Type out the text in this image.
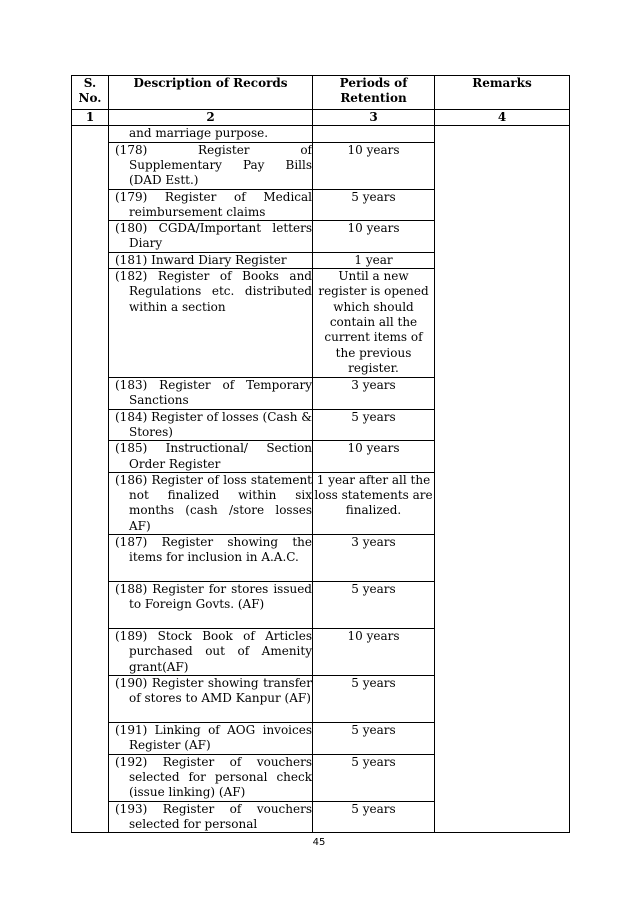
S. No.	Description of Records	Periods of Retention	Remarks
1	2	3	4
	and marriage purpose.		
	(178) Register of Supplementary Pay Bills (DAD Estt.)	10 years	
	(179) Register of Medical reimbursement claims	5 years	
	(180) CGDA/Important letters Diary	10 years	
	(181) Inward Diary Register	1 year	
	(182) Register of Books and Regulations etc. distributed within a section	Until a new register is opened which should contain all the current items of the previous register.	
	(183) Register of Temporary Sanctions	3 years	
	(184) Register of losses (Cash & Stores)	5 years	
	(185) Instructional/ Section Order Register	10 years	
	(186) Register of loss statement not finalized within six months (cash /store losses AF)	1 year after all the loss statements are finalized.	
	(187) Register showing the items for inclusion in A.A.C.	3 years	
	(188) Register for stores issued to Foreign Govts. (AF)	5 years	
	(189) Stock Book of Articles purchased out of Amenity grant(AF)	10 years	
	(190) Register showing transfer of stores to AMD Kanpur (AF)	5 years	
	(191) Linking of AOG invoices Register (AF)	5 years	
	(192) Register of vouchers selected for personal check (issue linking) (AF)	5 years	
	(193) Register of vouchers selected for personal	5 years	
45
